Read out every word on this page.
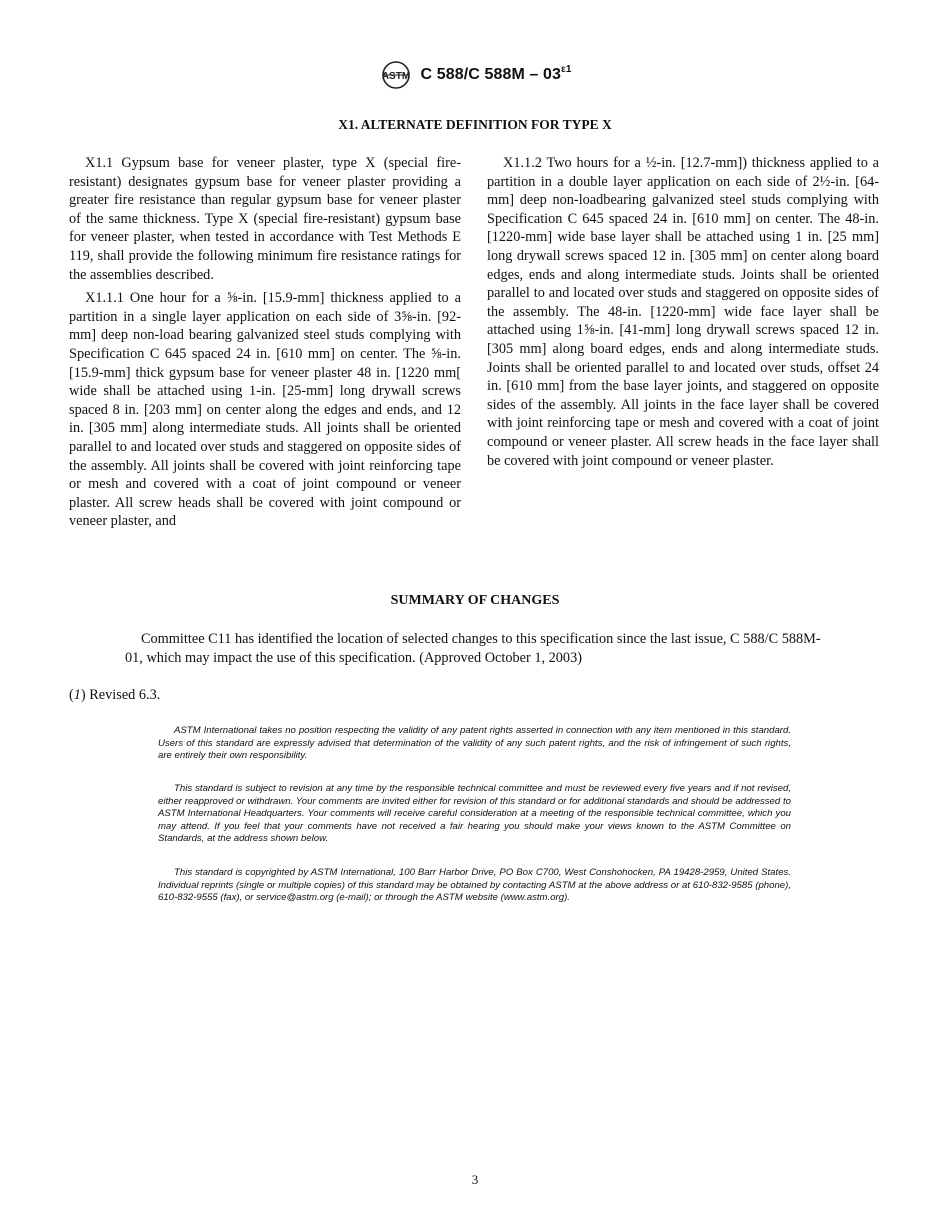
ASTM C 588/C $588M - 03^{\varepsilon 1}$
X1. ALTERNATE DEFINITION FOR TYPE X

X1.1 Gypsum base for veneer plaster, type X (special fire-resistant) designates gypsum base for veneer plaster providing a greater fire resistance than regular gypsum base for veneer plaster of the same thickness. Type X (special fire-resistant) gypsum base for veneer plaster, when tested in accordance with Test Methods E 119, shall provide the following minimum fire resistance ratings for the assemblies described.

X1.1.1 One hour for a ⅝-in. [15.9-mm] thickness applied to a partition in a single layer application on each side of 3⅝-in. [92-mm] deep non-load bearing galvanized steel studs complying with Specification C 645 spaced 24 in. [610 mm] on center. The ⅝-in. [15.9-mm] thick gypsum base for veneer plaster 48 in. [1220 mm[ wide shall be attached using 1-in. [25-mm] long drywall screws spaced 8 in. [203 mm] on center along the edges and ends, and 12 in. [305 mm] along intermediate studs. All joints shall be oriented parallel to and located over studs and staggered on opposite sides of the assembly. All joints shall be covered with joint reinforcing tape or mesh and covered with a coat of joint compound or veneer plaster. All screw heads shall be covered with joint compound or veneer plaster, and

X1.1.2 Two hours for a ½-in. [12.7-mm]) thickness applied to a partition in a double layer application on each side of 2½-in. [64-mm] deep non-loadbearing galvanized steel studs complying with Specification C 645 spaced 24 in. [610 mm] on center. The 48-in. [1220-mm] wide base layer shall be attached using 1 in. [25 mm] long drywall screws spaced 12 in. [305 mm] on center along board edges, ends and along intermediate studs. Joints shall be oriented parallel to and located over studs and staggered on opposite sides of the assembly. The 48-in. [1220-mm] wide face layer shall be attached using 1⅝-in. [41-mm] long drywall screws spaced 12 in. [305 mm] along board edges, ends and along intermediate studs. Joints shall be oriented parallel to and located over studs, offset 24 in. [610 mm] from the base layer joints, and staggered on opposite sides of the assembly. All joints in the face layer shall be covered with joint reinforcing tape or mesh and covered with a coat of joint compound or veneer plaster. All screw heads in the face layer shall be covered with joint compound or veneer plaster.

SUMMARY OF CHANGES

Committee C11 has identified the location of selected changes to this specification since the last issue, C 588/C 588M-01, which may impact the use of this specification. (Approved October 1, 2003)

(1) Revised 6.3.

ASTM International takes no position respecting the validity of any patent rights asserted in connection with any item mentioned in this standard. Users of this standard are expressly advised that determination of the validity of any such patent rights, and the risk of infringement of such rights, are entirely their own responsibility.

This standard is subject to revision at any time by the responsible technical committee and must be reviewed every five years and if not revised, either reapproved or withdrawn. Your comments are invited either for revision of this standard or for additional standards and should be addressed to ASTM International Headquarters. Your comments will receive careful consideration at a meeting of the responsible technical committee, which you may attend. If you feel that your comments have not received a fair hearing you should make your views known to the ASTM Committee on Standards, at the address shown below.

This standard is copyrighted by ASTM International, 100 Barr Harbor Drive, PO Box C700, West Conshohocken, PA 19428-2959, United States. Individual reprints (single or multiple copies) of this standard may be obtained by contacting ASTM at the above address or at 610-832-9585 (phone), 610-832-9555 (fax), or service@astm.org (e-mail); or through the ASTM website (www.astm.org).

3
